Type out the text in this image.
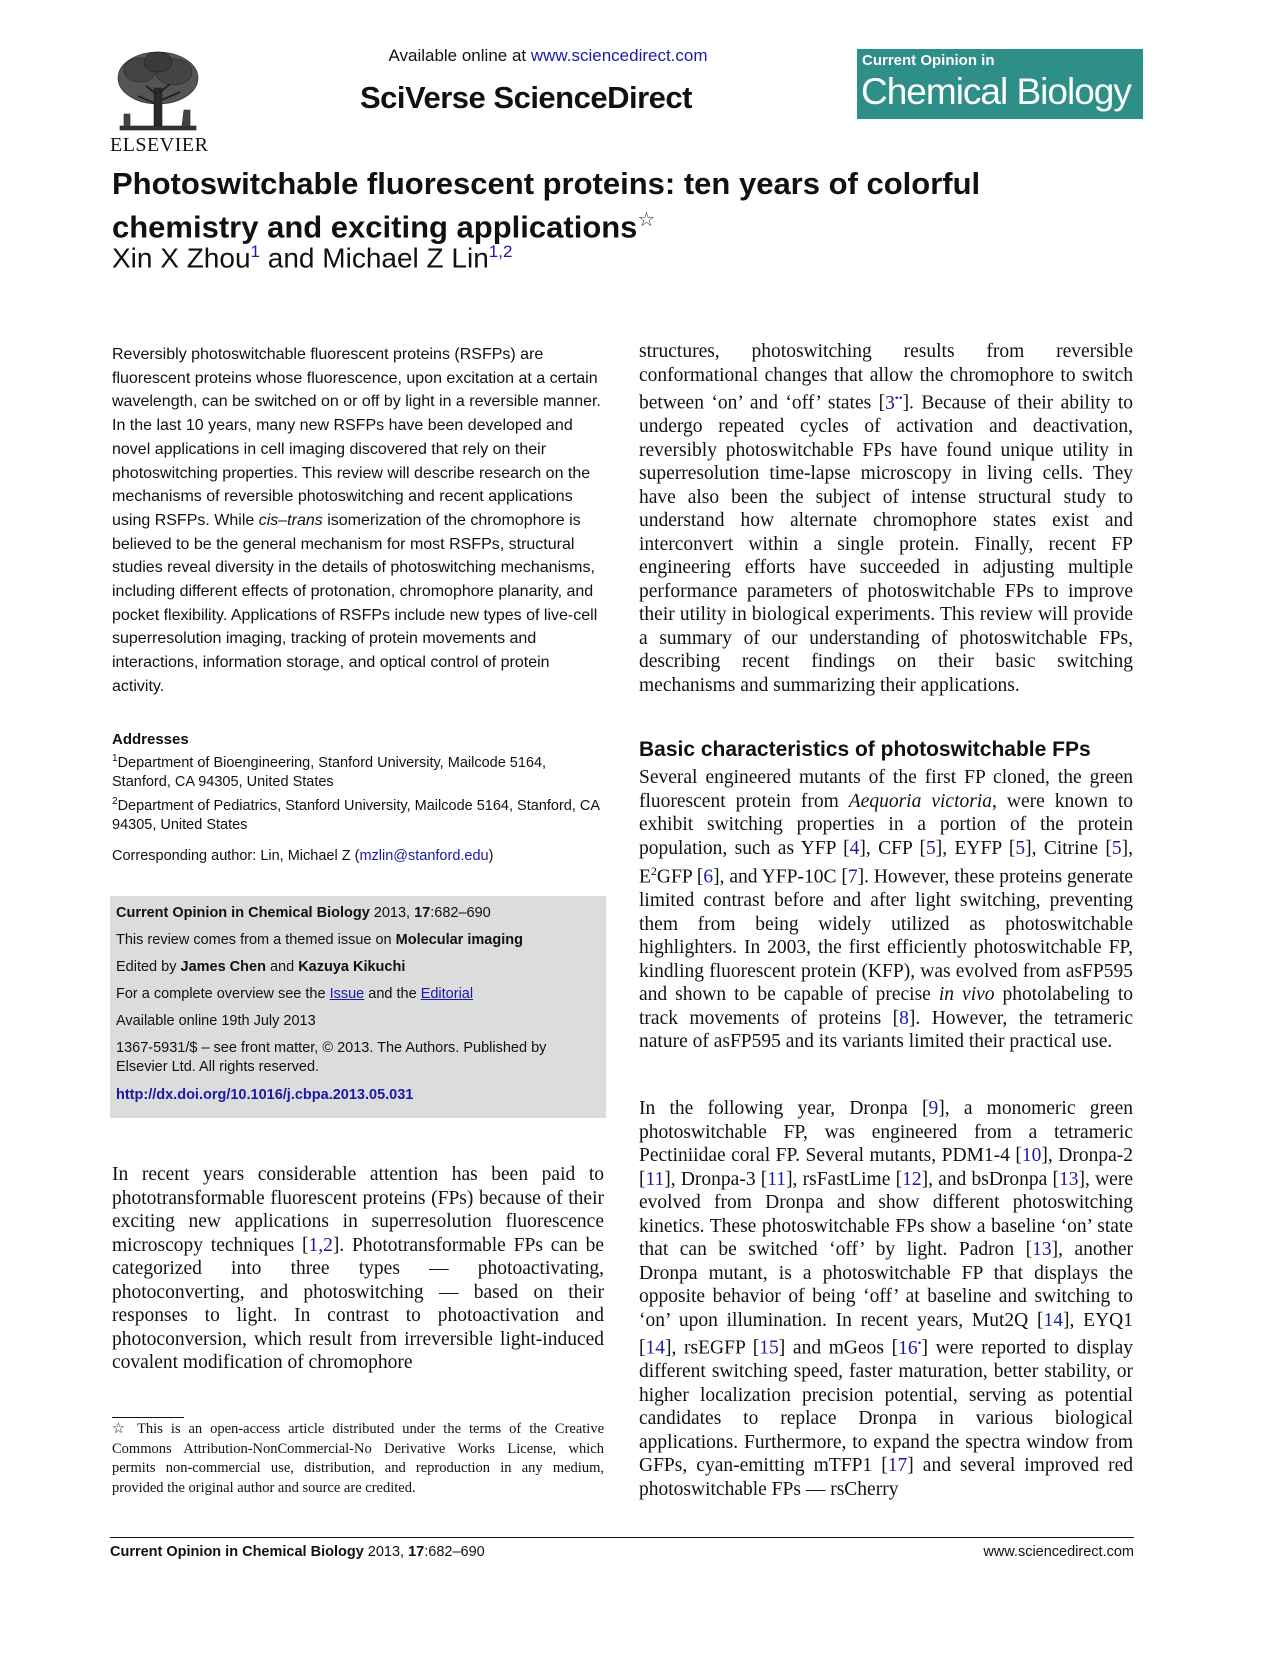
ELSEVIER
Available online at www.sciencedirect.com
SciVerse ScienceDirect
Current Opinion in
Chemical Biology
Photoswitchable fluorescent proteins: ten years of colorful
chemistry and exciting applications☆
Xin X Zhou$^1$ and Michael Z Lin$^{1,2}$

Reversibly photoswitchable fluorescent proteins (RSFPs) are fluorescent proteins whose fluorescence, upon excitation at a certain wavelength, can be switched on or off by light in a reversible manner. In the last 10 years, many new RSFPs have been developed and novel applications in cell imaging discovered that rely on their photoswitching properties. This review will describe research on the mechanisms of reversible photoswitching and recent applications using RSFPs. While cis–trans isomerization of the chromophore is believed to be the general mechanism for most RSFPs, structural studies reveal diversity in the details of photoswitching mechanisms, including different effects of protonation, chromophore planarity, and pocket flexibility. Applications of RSFPs include new types of live-cell superresolution imaging, tracking of protein movements and interactions, information storage, and optical control of protein activity.

Addresses
$^1$Department of Bioengineering, Stanford University, Mailcode 5164, Stanford, CA 94305, United States
$^2$Department of Pediatrics, Stanford University, Mailcode 5164, Stanford, CA 94305, United States
Corresponding author: Lin, Michael Z (mzlin@stanford.edu)
Current Opinion in Chemical Biology 2013, 17:682–690
This review comes from a themed issue on Molecular imaging
Edited by James Chen and Kazuya Kikuchi
For a complete overview see the Issue and the Editorial
Available online 19th July 2013
1367-5931/$ – see front matter, © 2013. The Authors. Published by Elsevier Ltd. All rights reserved.
http://dx.doi.org/10.1016/j.cbpa.2013.05.031

In recent years considerable attention has been paid to phototransformable fluorescent proteins (FPs) because of their exciting new applications in superresolution fluorescence microscopy techniques [1,2]. Phototransformable FPs can be categorized into three types — photoactivating, photoconverting, and photoswitching — based on their responses to light. In contrast to photoactivation and photoconversion, which result from irreversible light-induced covalent modification of chromophore

☆ This is an open-access article distributed under the terms of the Creative Commons Attribution-NonCommercial-No Derivative Works License, which permits non-commercial use, distribution, and reproduction in any medium, provided the original author and source are credited.

structures, photoswitching results from reversible conformational changes that allow the chromophore to switch between ‘on’ and ‘off’ states [3••]. Because of their ability to undergo repeated cycles of activation and deactivation, reversibly photoswitchable FPs have found unique utility in superresolution time-lapse microscopy in living cells. They have also been the subject of intense structural study to understand how alternate chromophore states exist and interconvert within a single protein. Finally, recent FP engineering efforts have succeeded in adjusting multiple performance parameters of photoswitchable FPs to improve their utility in biological experiments. This review will provide a summary of our understanding of photoswitchable FPs, describing recent findings on their basic switching mechanisms and summarizing their applications.

Basic characteristics of photoswitchable FPs

Several engineered mutants of the first FP cloned, the green fluorescent protein from Aequoria victoria, were known to exhibit switching properties in a portion of the protein population, such as YFP [4], CFP [5], EYFP [5], Citrine [5], $E^2GFP$ [6], and YFP-10C [7]. However, these proteins generate limited contrast before and after light switching, preventing them from being widely utilized as photoswitchable highlighters. In 2003, the first efficiently photoswitchable FP, kindling fluorescent protein (KFP), was evolved from asFP595 and shown to be capable of precise in vivo photolabeling to track movements of proteins [8]. However, the tetrameric nature of asFP595 and its variants limited their practical use.

In the following year, Dronpa [9], a monomeric green photoswitchable FP, was engineered from a tetrameric Pectiniidae coral FP. Several mutants, PDM1-4 [10], Dronpa-2 [11], Dronpa-3 [11], rsFastLime [12], and bsDronpa [13], were evolved from Dronpa and show different photoswitching kinetics. These photoswitchable FPs show a baseline ‘on’ state that can be switched ‘off’ by light. Padron [13], another Dronpa mutant, is a photoswitchable FP that displays the opposite behavior of being ‘off’ at baseline and switching to ‘on’ upon illumination. In recent years, Mut2Q [14], EYQ1 [14], rsEGFP [15] and mGeos [16•] were reported to display different switching speed, faster maturation, better stability, or higher localization precision potential, serving as potential candidates to replace Dronpa in various biological applications. Furthermore, to expand the spectra window from GFPs, cyan-emitting mTFP1 [17] and several improved red photoswitchable FPs — rsCherry

Current Opinion in Chemical Biology 2013, 17:682–690	www.sciencedirect.com
